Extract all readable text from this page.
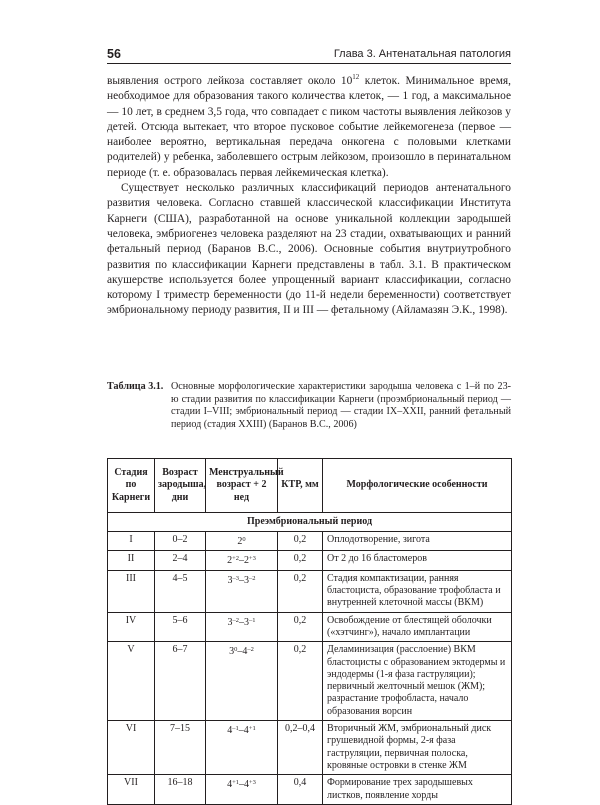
56	Глава 3. Антенатальная патология

выявления острого лейкоза составляет около $10^{12}$ клеток. Минимальное время, необходимое для образования такого количества клеток, — 1 год, а максимальное — 10 лет, в среднем 3,5 года, что совпадает с пиком частоты выявления лейкозов у детей. Отсюда вытекает, что второе пусковое событие лейкемогенеза (первое — наиболее вероятно, вертикальная передача онкогена с половыми клетками родителей) у ребенка, заболевшего острым лейкозом, произошло в перинатальном периоде (т. е. образовалась первая лейкемическая клетка).

Существует несколько различных классификаций периодов антенатального развития человека. Согласно ставшей классической классификации Института Карнеги (США), разработанной на основе уникальной коллекции зародышей человека, эмбриогенез человека разделяют на 23 стадии, охватывающих и ранний фетальный период (Баранов В.С., 2006). Основные события внутриутробного развития по классификации Карнеги представлены в табл. 3.1. В практическом акушерстве используется более упрощенный вариант классификации, согласно которому I триместр беременности (до 11-й недели беременности) соответствует эмбриональному периоду развития, II и III — фетальному (Айламазян Э.К., 1998).

Таблица 3.1. Основные морфологические характеристики зародыша человека с 1–й по 23-ю стадии развития по классификации Карнеги (проэмбриональный период — стадии I–VIII; эмбриональный период — стадии IX–XXII, ранний фетальный период (стадия XXIII) (Баранов В.С., 2006)
Стадия по Карнеги	Возраст зародыша, дни	Менструальный возраст + 2 нед	КТР, мм	Морфологические особенности
Преэмбриональный период				
I	0–2	$2^0$	0,2	Оплодотворение, зигота
II	2–4	$2^{+2}-2^{+3}$	0,2	От 2 до 16 бластомеров
III	4–5	$3^{-3}-3^{-2}$	0,2	Стадия компактизации, ранняя бластоциста, образование трофобласта и внутренней клеточной массы (ВКМ)
IV	5–6	$3^{-2}-3^{-1}$	0,2	Освобождение от блестящей оболочки («хэтчинг»), начало имплантации
V	6–7	$3^0-4^{-2}$	0,2	Деламинизация (расслоение) ВКМ бластоцисты с образованием эктодермы и эндодермы (1-я фаза гаструляции); первичный желточный мешок (ЖМ); разрастание трофобласта, начало образования ворсин
VI	7–15	$4^{-1}-4^{+1}$	0,2–0,4	Вторичный ЖМ, эмбриональный диск грушевидной формы, 2-я фаза гаструляции, первичная полоска, кровяные островки в стенке ЖМ
VII	16–18	$4^{+1}-4^{+3}$	0,4	Формирование трех зародышевых листков, появление хорды
